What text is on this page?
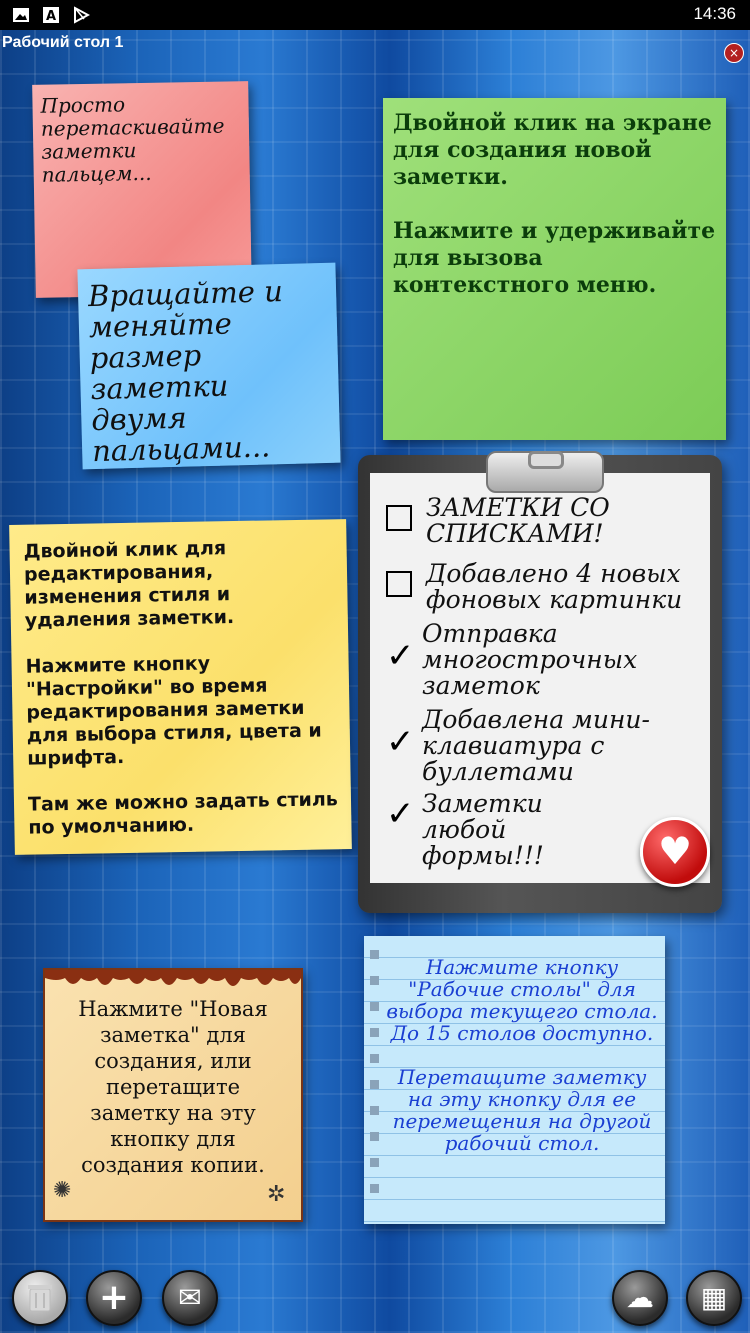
A	14:36
Рабочий стол 1
×
Просто перетаскивайте заметки пальцем...
Вращайте и меняйте размер заметки двумя пальцами...
Двойной клик на экране для создания новой заметки.
Нажмите и удерживайте для вызова контекстного меню.
Двойной клик для редактирования, изменения стиля и удаления заметки.
Нажмите кнопку "Настройки" во время редактирования заметки для выбора стиля, цвета и шрифта.
Там же можно задать стиль по умолчанию.
ЗАМЕТКИ СО СПИСКАМИ!
Добавлено 4 новых фоновых картинки
✓
Отправка многострочных заметок
✓
Добавлена мини-клавиатура с буллетами
✓ Заметки любой формы!!!	♥
Нажмите "Новая заметка" для создания, или перетащите заметку на эту кнопку для создания копии.
✺	✲
Нажмите кнопку "Рабочие столы" для выбора текущего стола. До 15 столов доступно.
Перетащите заметку на эту кнопку для ее перемещения на другой рабочий стол.
+	✉	☁	▦
